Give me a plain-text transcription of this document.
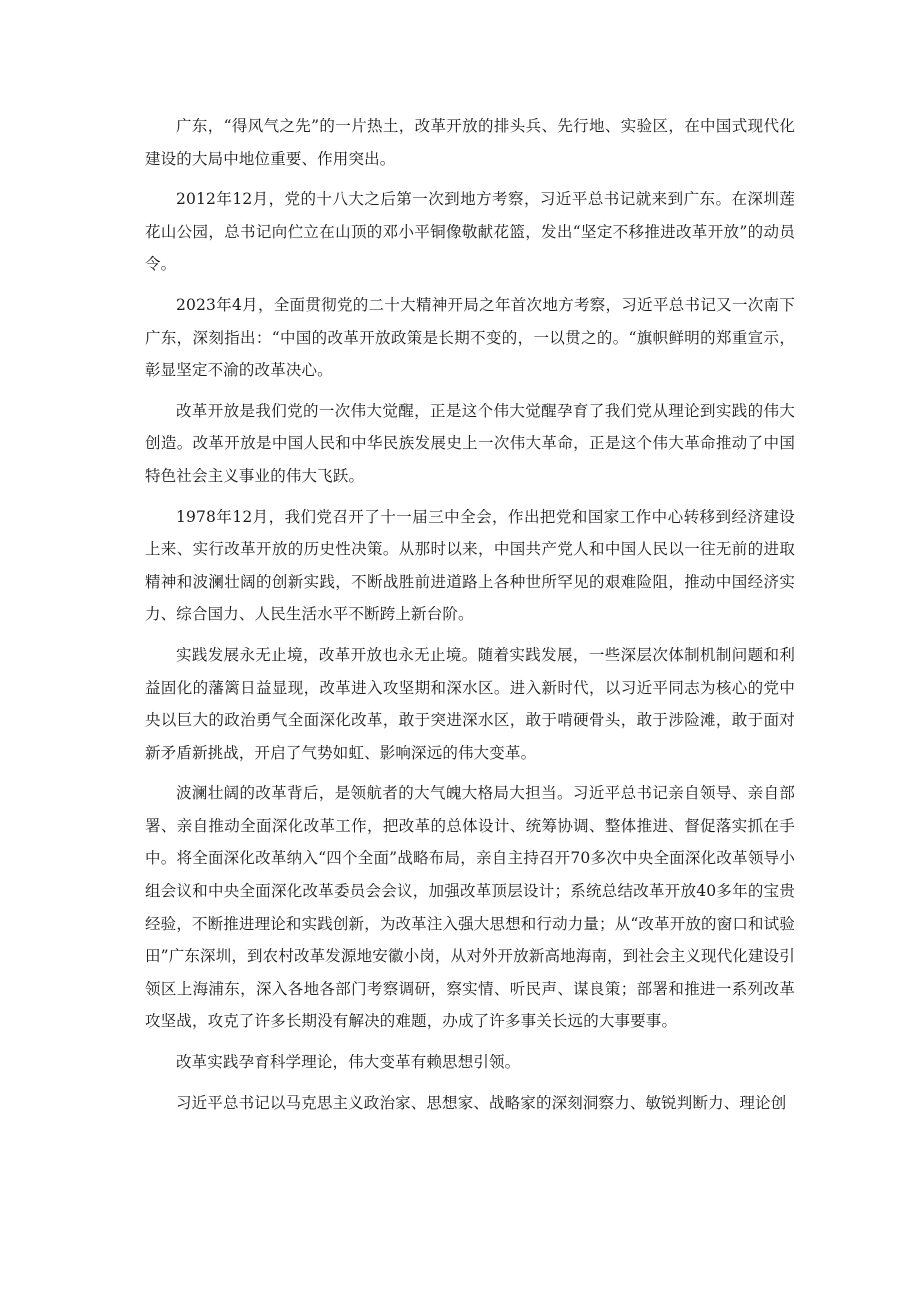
广东，“得风气之先”的一片热土，改革开放的排头兵、先行地、实验区，在中国式现代化建设的大局中地位重要、作用突出。

2012年12月，党的十八大之后第一次到地方考察，习近平总书记就来到广东。在深圳莲花山公园，总书记向伫立在山顶的邓小平铜像敬献花篮，发出“坚定不移推进改革开放”的动员令。

2023年4月，全面贯彻党的二十大精神开局之年首次地方考察，习近平总书记又一次南下广东，深刻指出：“中国的改革开放政策是长期不变的，一以贯之的。“旗帜鲜明的郑重宣示，彰显坚定不渝的改革决心。

改革开放是我们党的一次伟大觉醒，正是这个伟大觉醒孕育了我们党从理论到实践的伟大创造。改革开放是中国人民和中华民族发展史上一次伟大革命，正是这个伟大革命推动了中国特色社会主义事业的伟大飞跃。

1978年12月，我们党召开了十一届三中全会，作出把党和国家工作中心转移到经济建设上来、实行改革开放的历史性决策。从那时以来，中国共产党人和中国人民以一往无前的进取精神和波澜壮阔的创新实践，不断战胜前进道路上各种世所罕见的艰难险阻，推动中国经济实力、综合国力、人民生活水平不断跨上新台阶。

实践发展永无止境，改革开放也永无止境。随着实践发展，一些深层次体制机制问题和利益固化的藩篱日益显现，改革进入攻坚期和深水区。进入新时代，以习近平同志为核心的党中央以巨大的政治勇气全面深化改革，敢于突进深水区，敢于啃硬骨头，敢于涉险滩，敢于面对新矛盾新挑战，开启了气势如虹、影响深远的伟大变革。

波澜壮阔的改革背后，是领航者的大气魄大格局大担当。习近平总书记亲自领导、亲自部署、亲自推动全面深化改革工作，把改革的总体设计、统筹协调、整体推进、督促落实抓在手中。将全面深化改革纳入“四个全面”战略布局，亲自主持召开70多次中央全面深化改革领导小组会议和中央全面深化改革委员会会议，加强改革顶层设计；系统总结改革开放40多年的宝贵经验，不断推进理论和实践创新，为改革注入强大思想和行动力量；从“改革开放的窗口和试验田”广东深圳，到农村改革发源地安徽小岗，从对外开放新高地海南，到社会主义现代化建设引领区上海浦东，深入各地各部门考察调研，察实情、听民声、谋良策；部署和推进一系列改革攻坚战，攻克了许多长期没有解决的难题，办成了许多事关长远的大事要事。

改革实践孕育科学理论，伟大变革有赖思想引领。

习近平总书记以马克思主义政治家、思想家、战略家的深刻洞察力、敏锐判断力、理论创
